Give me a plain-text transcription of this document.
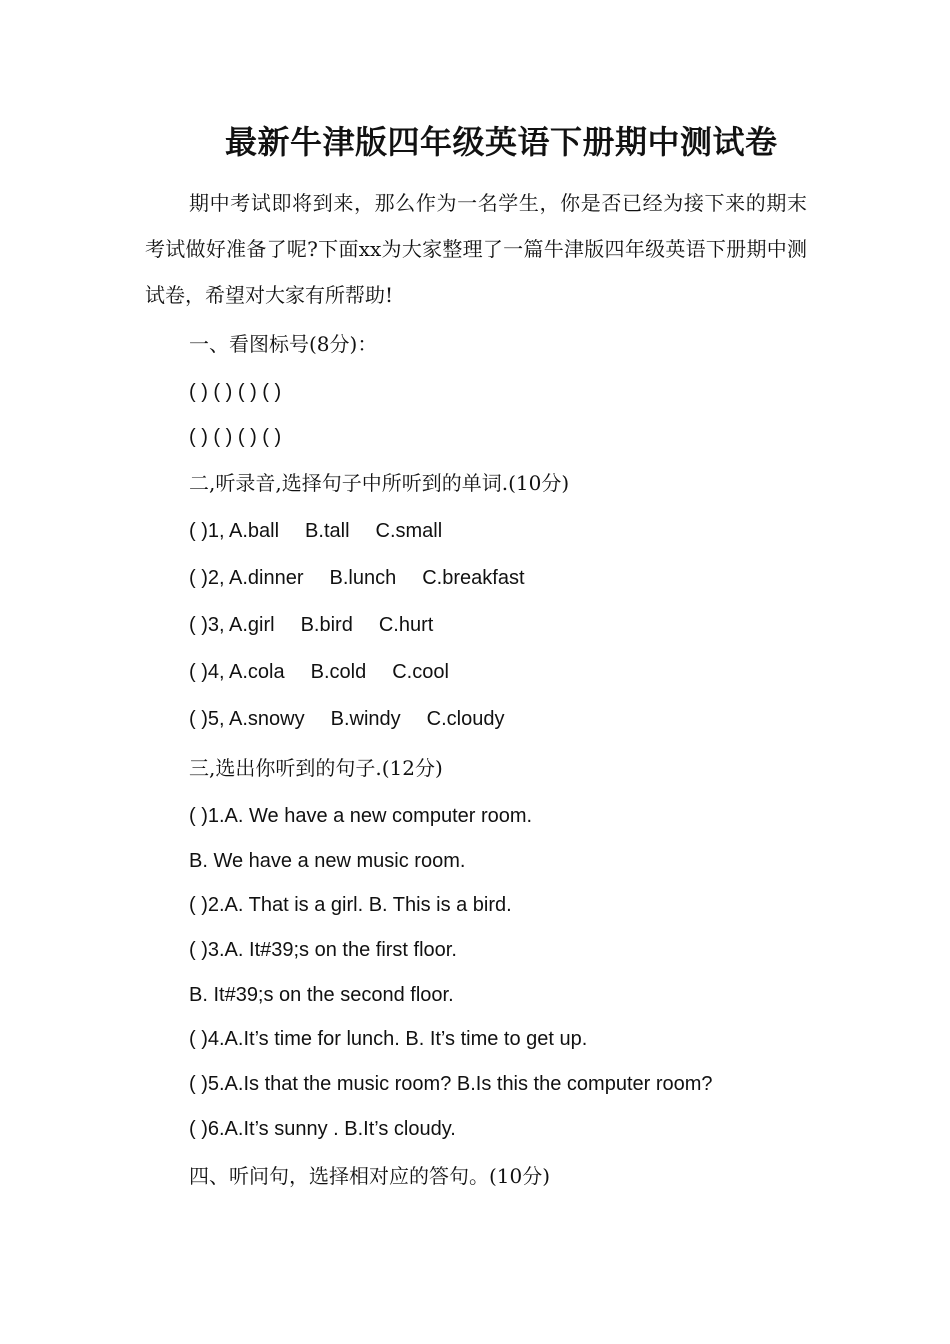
最新牛津版四年级英语下册期中测试卷

期中考试即将到来，那么作为一名学生，你是否已经为接下来的期末考试做好准备了呢?下面xx为大家整理了一篇牛津版四年级英语下册期中测试卷，希望对大家有所帮助!

一、看图标号(8分)：

( ) ( ) ( ) ( )

( ) ( ) ( ) ( )

二,听录音,选择句子中所听到的单词.(10分)

( )1, A.ball B.tall C.small

( )2, A.dinner B.lunch C.breakfast

( )3, A.girl B.bird C.hurt

( )4, A.cola B.cold C.cool

( )5, A.snowy B.windy C.cloudy

三,选出你听到的句子.(12分)

( )1.A. We have a new computer room.

B. We have a new music room.

( )2.A. That is a girl. B. This is a bird.

( )3.A. It#39;s on the first floor.

B. It#39;s on the second floor.

( )4.A.It’s time for lunch. B. It’s time to get up.

( )5.A.Is that the music room? B.Is this the computer room?

( )6.A.It’s sunny . B.It’s cloudy.

四、听问句，选择相对应的答句。(10分)
